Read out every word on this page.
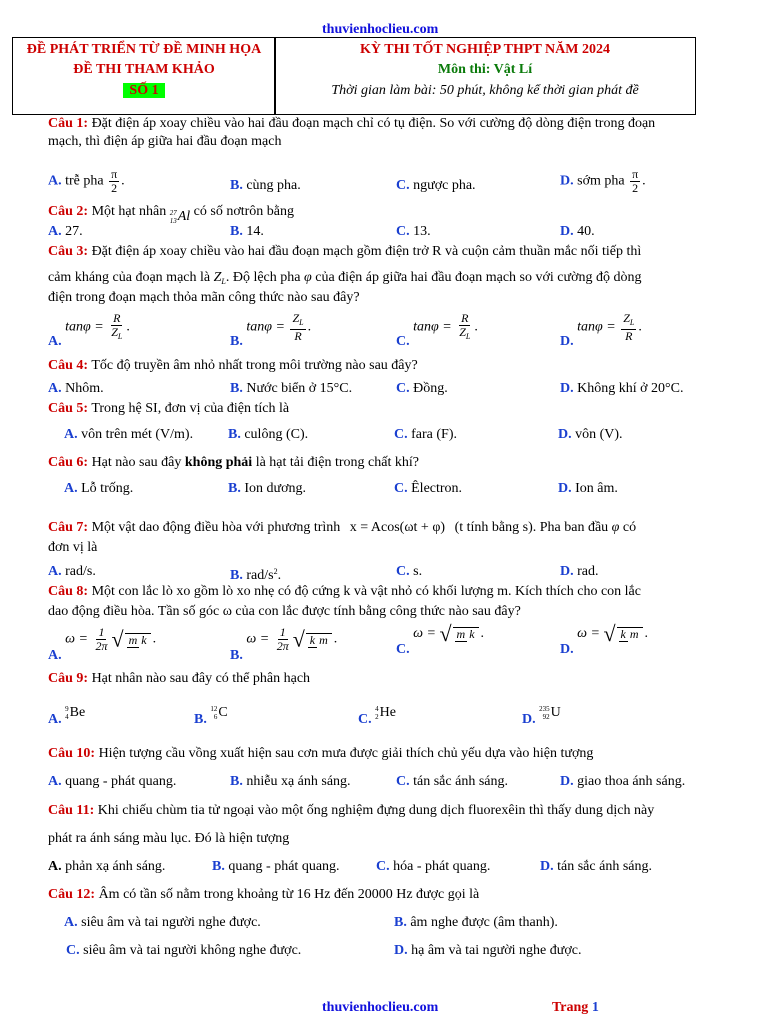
thuvienhoclieu.com
ĐỀ PHÁT TRIỂN TỪ ĐỀ MINH HỌA
ĐỀ THI THAM KHẢO
SỐ 1
KỲ THI TỐT NGHIỆP THPT NĂM 2024
Môn thi: Vật Lí
Thời gian làm bài: 50 phút, không kể thời gian phát đề
Câu 1: Đặt điện áp xoay chiều vào hai đầu đoạn mạch chỉ có tụ điện. So với cường độ dòng điện trong đoạn
mạch, thì điện áp giữa hai đầu đoạn mạch
A. trễ pha $\frac{\pi}{2}$ .	B. cùng pha.	C. ngược pha.	D. sớm pha $\frac{\pi}{2}$ .
Câu 2: Một hạt nhân 27
13 Al có số nơtrôn bằng
A. 27.	B. 14.	C. 13.	D. 40.
Câu 3: Đặt điện áp xoay chiều vào hai đầu đoạn mạch gồm điện trở R và cuộn cảm thuần mắc nối tiếp thì
cảm kháng của đoạn mạch là $Z_L$. Độ lệch pha φ của điện áp giữa hai đầu đoạn mạch so với cường độ dòng
điện trong đoạn mạch thỏa mãn công thức nào sau đây?
A. $\tan\varphi = \frac{R}{Z_L}$ .
B. $\tan\varphi = \frac{Z_L}{R}$ .
C. $\tan\varphi = \frac{R}{Z_L}$ .
D. $\tan\varphi = \frac{Z_L}{R}$ .
Câu 4: Tốc độ truyền âm nhỏ nhất trong môi trường nào sau đây?
A. Nhôm.	B. Nước biển ở 15°C.	C. Đồng.	D. Không khí ở 20°C.
Câu 5: Trong hệ SI, đơn vị của điện tích là
A. vôn trên mét (V/m). B. culông (C).	C. fara (F).	D. vôn (V).
Câu 6: Hạt nào sau đây không phải là hạt tải điện trong chất khí?
A. Lỗ trống.	B. Ion dương.	C. Êlectron.	D. Ion âm.
Câu 7: Một vật dao động điều hòa với phương trình x = Acos(ωt + φ) (t tính bằng s). Pha ban đầu φ có
đơn vị là
A. rad/s.	B. rad/$s^2$.	C. s.	D. rad.
Câu 8: Một con lắc lò xo gồm lò xo nhẹ có độ cứng k và vật nhỏ có khối lượng m. Kích thích cho con lắc
dao động điều hòa. Tần số góc ω của con lắc được tính bằng công thức nào sau đây?
A. $\omega = \frac{1}{2\pi}$ √ m k .
B. $\omega = \frac{1}{2\pi}$ √ k m .
C. ω = √ m k .
D. ω = √ k m .
Câu 9: Hạt nhân nào sau đây có thể phân hạch
A.
9
4 Be	B.
12
6 C	C.
4
2 He	D.
235
92 U
Câu 10: Hiện tượng cầu vồng xuất hiện sau cơn mưa được giải thích chủ yếu dựa vào hiện tượng
A. quang - phát quang.	B. nhiễu xạ ánh sáng.	C. tán sắc ánh sáng.	D. giao thoa ánh sáng.
Câu 11: Khi chiếu chùm tia tử ngoại vào một ống nghiệm đựng dung dịch fluorexêin thì thấy dung dịch này
phát ra ánh sáng màu lục. Đó là hiện tượng
A. phản xạ ánh sáng.	B. quang - phát quang.	C. hóa - phát quang.	D. tán sắc ánh sáng.
Câu 12: Âm có tần số nằm trong khoảng từ 16 Hz đến 20000 Hz được gọi là
A. siêu âm và tai người nghe được.	B. âm nghe được (âm thanh).
C. siêu âm và tai người không nghe được.	D. hạ âm và tai người nghe được.
thuvienhoclieu.com	Trang 1
